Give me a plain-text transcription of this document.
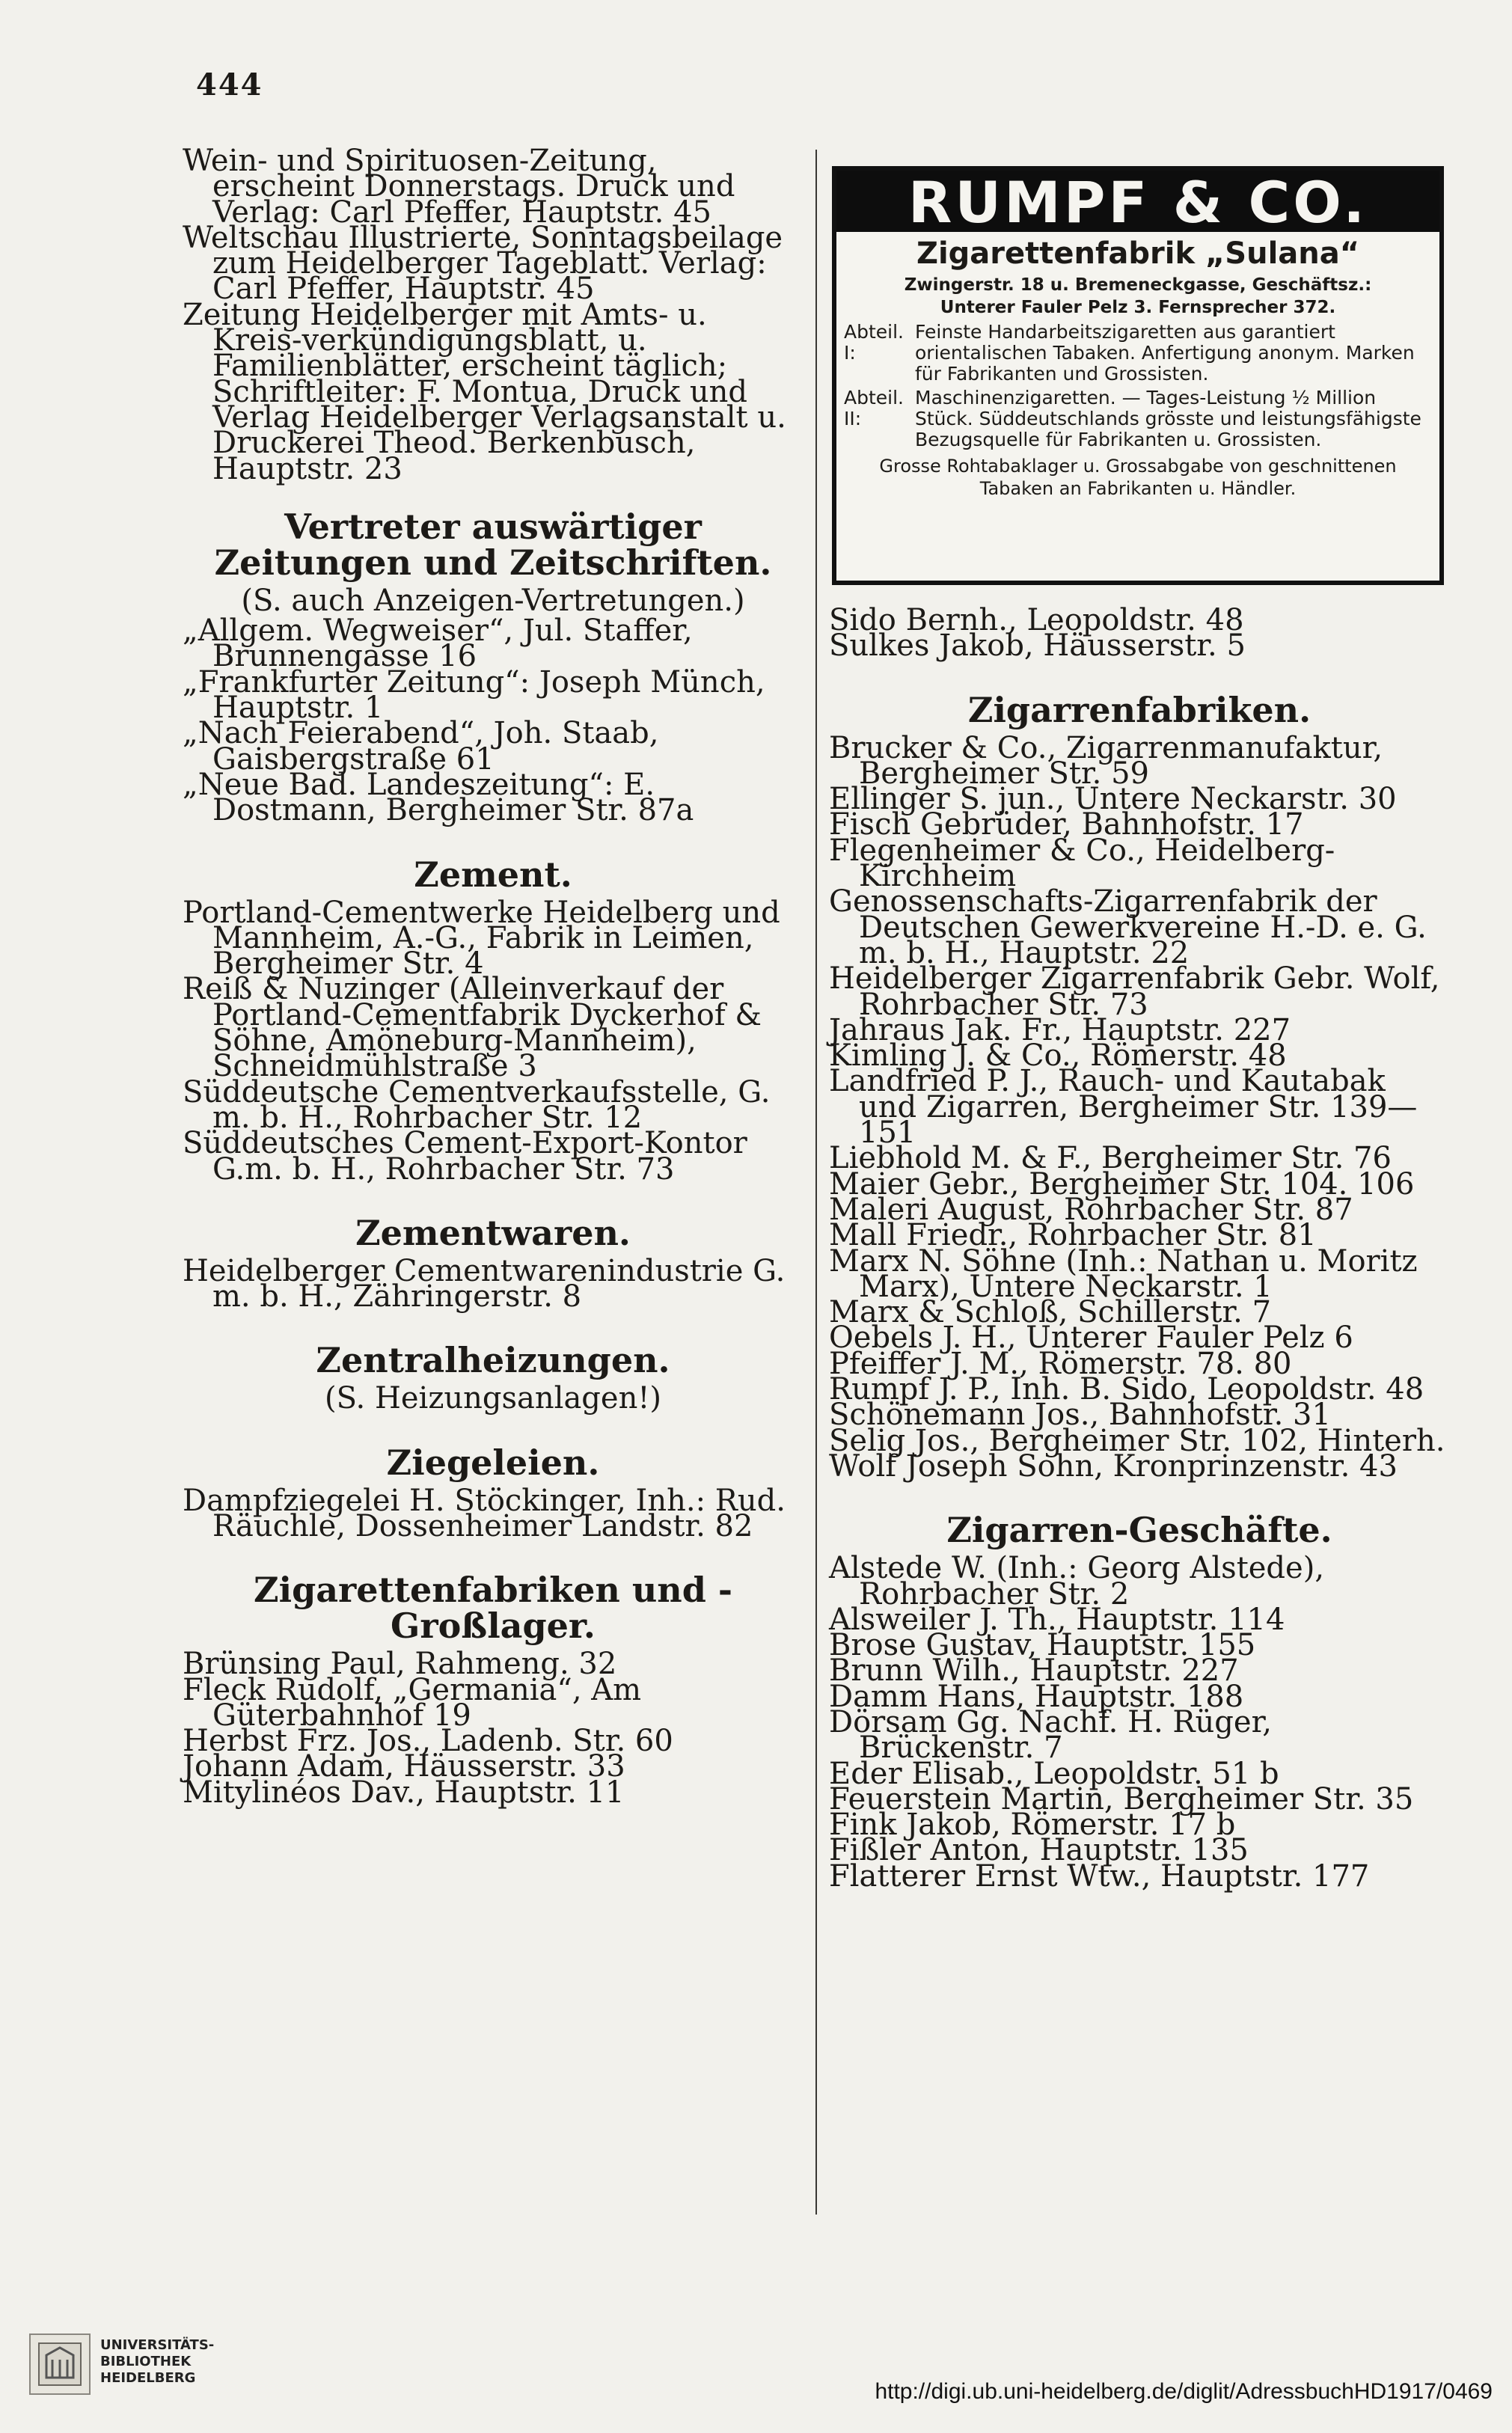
444

Wein- und Spirituosen-Zeitung, erscheint Donnerstags. Druck und Verlag: Carl Pfeffer, Hauptstr. 45

Weltschau Illustrierte, Sonntagsbeilage zum Heidelberger Tageblatt. Verlag: Carl Pfeffer, Hauptstr. 45

Zeitung Heidelberger mit Amts- u. Kreis-verkündigungsblatt, u. Familienblätter, erscheint täglich; Schriftleiter: F. Montua, Druck und Verlag Heidelberger Verlagsanstalt u. Druckerei Theod. Berkenbusch, Hauptstr. 23

Vertreter auswärtiger Zeitungen und Zeitschriften.
(S. auch Anzeigen-Vertretungen.)

„Allgem. Wegweiser“, Jul. Staffer, Brunnengasse 16

„Frankfurter Zeitung“: Joseph Münch, Hauptstr. 1

„Nach Feierabend“, Joh. Staab, Gaisbergstraße 61

„Neue Bad. Landeszeitung“: E. Dostmann, Bergheimer Str. 87a

Zement.

Portland-Cementwerke Heidelberg und Mannheim, A.-G., Fabrik in Leimen, Bergheimer Str. 4

Reiß & Nuzinger (Alleinverkauf der Portland-Cementfabrik Dyckerhof & Söhne, Amöneburg-Mannheim), Schneidmühlstraße 3

Süddeutsche Cementverkaufsstelle, G. m. b. H., Rohrbacher Str. 12

Süddeutsches Cement-Export-Kontor G.m. b. H., Rohrbacher Str. 73

Zementwaren.

Heidelberger Cementwarenindustrie G. m. b. H., Zähringerstr. 8

Zentralheizungen.
(S. Heizungsanlagen!)
Ziegeleien.

Dampfziegelei H. Stöckinger, Inh.: Rud. Räuchle, Dossenheimer Landstr. 82

Zigarettenfabriken und -Großlager.

Brünsing Paul, Rahmeng. 32

Fleck Rudolf, „Germania“, Am Güterbahnhof 19

Herbst Frz. Jos., Ladenb. Str. 60

Johann Adam, Häusserstr. 33

Mitylinéos Dav., Hauptstr. 11

RUMPF & CO.
Zigarettenfabrik „Sulana“
Zwingerstr. 18 u. Bremeneckgasse, Geschäftsz.:
Unterer Fauler Pelz 3. Fernsprecher 372.
Abteil. I:
Feinste Handarbeitszigaretten aus garantiert orientalischen Tabaken. Anfertigung anonym. Marken für Fabrikanten und Grossisten.
Abteil. II:
Maschinenzigaretten. — Tages-Leistung ½ Million Stück. Süddeutschlands grösste und leistungsfähigste Bezugsquelle für Fabrikanten u. Grossisten.
Grosse Rohtabaklager u. Grossabgabe von geschnittenen Tabaken an Fabrikanten u. Händler.

Sido Bernh., Leopoldstr. 48

Sulkes Jakob, Häusserstr. 5

Zigarrenfabriken.

Brucker & Co., Zigarrenmanufaktur, Bergheimer Str. 59

Ellinger S. jun., Untere Neckarstr. 30

Fisch Gebrüder, Bahnhofstr. 17

Flegenheimer & Co., Heidelberg-Kirchheim

Genossenschafts-Zigarrenfabrik der Deutschen Gewerkvereine H.-D. e. G. m. b. H., Hauptstr. 22

Heidelberger Zigarrenfabrik Gebr. Wolf, Rohrbacher Str. 73

Jahraus Jak. Fr., Hauptstr. 227

Kimling J. & Co., Römerstr. 48

Landfried P. J., Rauch- und Kautabak und Zigarren, Bergheimer Str. 139—151

Liebhold M. & F., Bergheimer Str. 76

Maier Gebr., Bergheimer Str. 104. 106

Maleri August, Rohrbacher Str. 87

Mall Friedr., Rohrbacher Str. 81

Marx N. Söhne (Inh.: Nathan u. Moritz Marx), Untere Neckarstr. 1

Marx & Schloß, Schillerstr. 7

Oebels J. H., Unterer Fauler Pelz 6

Pfeiffer J. M., Römerstr. 78. 80

Rumpf J. P., Inh. B. Sido, Leopoldstr. 48

Schönemann Jos., Bahnhofstr. 31

Selig Jos., Bergheimer Str. 102, Hinterh.

Wolf Joseph Sohn, Kronprinzenstr. 43

Zigarren-Geschäfte.

Alstede W. (Inh.: Georg Alstede), Rohrbacher Str. 2

Alsweiler J. Th., Hauptstr. 114

Brose Gustav, Hauptstr. 155

Brunn Wilh., Hauptstr. 227

Damm Hans, Hauptstr. 188

Dörsam Gg. Nachf. H. Rüger, Brückenstr. 7

Eder Elisab., Leopoldstr. 51 b

Feuerstein Martin, Bergheimer Str. 35

Fink Jakob, Römerstr. 17 b

Fißler Anton, Hauptstr. 135

Flatterer Ernst Wtw., Hauptstr. 177

UNIVERSITÄTS-
BIBLIOTHEK
HEIDELBERG
http://digi.ub.uni-heidelberg.de/diglit/AdressbuchHD1917/0469
